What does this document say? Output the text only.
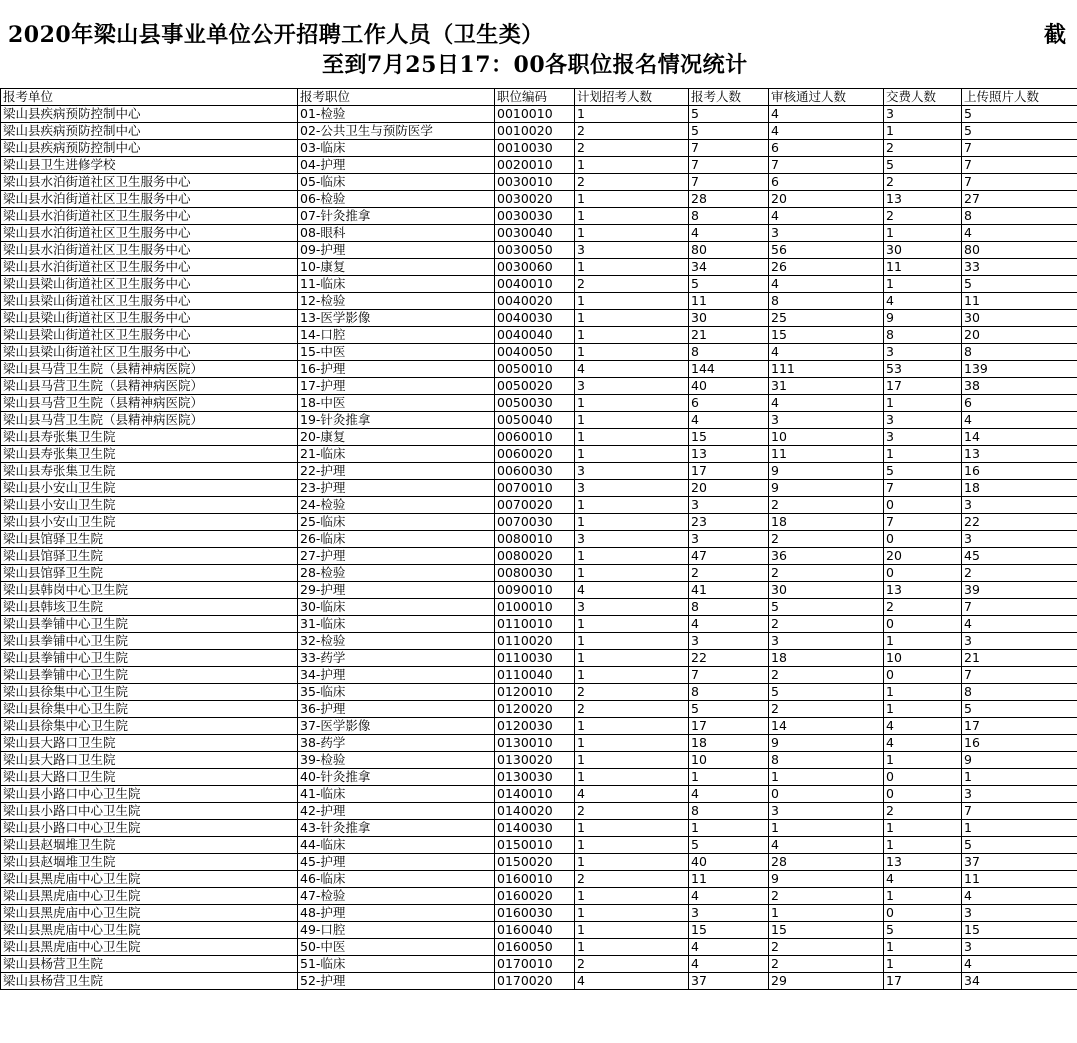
2020年梁山县事业单位公开招聘工作人员（卫生类）	截
至到7月25日17：00各职位报名情况统计
报考单位	报考职位	职位编码	计划招考人数	报考人数	审核通过人数	交费人数	上传照片人数
梁山县疾病预防控制中心	01-检验	0010010	1	5	4	3	5
梁山县疾病预防控制中心	02-公共卫生与预防医学	0010020	2	5	4	1	5
梁山县疾病预防控制中心	03-临床	0010030	2	7	6	2	7
梁山县卫生进修学校	04-护理	0020010	1	7	7	5	7
梁山县水泊街道社区卫生服务中心	05-临床	0030010	2	7	6	2	7
梁山县水泊街道社区卫生服务中心	06-检验	0030020	1	28	20	13	27
梁山县水泊街道社区卫生服务中心	07-针灸推拿	0030030	1	8	4	2	8
梁山县水泊街道社区卫生服务中心	08-眼科	0030040	1	4	3	1	4
梁山县水泊街道社区卫生服务中心	09-护理	0030050	3	80	56	30	80
梁山县水泊街道社区卫生服务中心	10-康复	0030060	1	34	26	11	33
梁山县梁山街道社区卫生服务中心	11-临床	0040010	2	5	4	1	5
梁山县梁山街道社区卫生服务中心	12-检验	0040020	1	11	8	4	11
梁山县梁山街道社区卫生服务中心	13-医学影像	0040030	1	30	25	9	30
梁山县梁山街道社区卫生服务中心	14-口腔	0040040	1	21	15	8	20
梁山县梁山街道社区卫生服务中心	15-中医	0040050	1	8	4	3	8
梁山县马营卫生院（县精神病医院）	16-护理	0050010	4	144	111	53	139
梁山县马营卫生院（县精神病医院）	17-护理	0050020	3	40	31	17	38
梁山县马营卫生院（县精神病医院）	18-中医	0050030	1	6	4	1	6
梁山县马营卫生院（县精神病医院）	19-针灸推拿	0050040	1	4	3	3	4
梁山县寿张集卫生院	20-康复	0060010	1	15	10	3	14
梁山县寿张集卫生院	21-临床	0060020	1	13	11	1	13
梁山县寿张集卫生院	22-护理	0060030	3	17	9	5	16
梁山县小安山卫生院	23-护理	0070010	3	20	9	7	18
梁山县小安山卫生院	24-检验	0070020	1	3	2	0	3
梁山县小安山卫生院	25-临床	0070030	1	23	18	7	22
梁山县馆驿卫生院	26-临床	0080010	3	3	2	0	3
梁山县馆驿卫生院	27-护理	0080020	1	47	36	20	45
梁山县馆驿卫生院	28-检验	0080030	1	2	2	0	2
梁山县韩岗中心卫生院	29-护理	0090010	4	41	30	13	39
梁山县韩垓卫生院	30-临床	0100010	3	8	5	2	7
梁山县拳铺中心卫生院	31-临床	0110010	1	4	2	0	4
梁山县拳铺中心卫生院	32-检验	0110020	1	3	3	1	3
梁山县拳铺中心卫生院	33-药学	0110030	1	22	18	10	21
梁山县拳铺中心卫生院	34-护理	0110040	1	7	2	0	7
梁山县徐集中心卫生院	35-临床	0120010	2	8	5	1	8
梁山县徐集中心卫生院	36-护理	0120020	2	5	2	1	5
梁山县徐集中心卫生院	37-医学影像	0120030	1	17	14	4	17
梁山县大路口卫生院	38-药学	0130010	1	18	9	4	16
梁山县大路口卫生院	39-检验	0130020	1	10	8	1	9
梁山县大路口卫生院	40-针灸推拿	0130030	1	1	1	0	1
梁山县小路口中心卫生院	41-临床	0140010	4	4	0	0	3
梁山县小路口中心卫生院	42-护理	0140020	2	8	3	2	7
梁山县小路口中心卫生院	43-针灸推拿	0140030	1	1	1	1	1
梁山县赵堌堆卫生院	44-临床	0150010	1	5	4	1	5
梁山县赵堌堆卫生院	45-护理	0150020	1	40	28	13	37
梁山县黑虎庙中心卫生院	46-临床	0160010	2	11	9	4	11
梁山县黑虎庙中心卫生院	47-检验	0160020	1	4	2	1	4
梁山县黑虎庙中心卫生院	48-护理	0160030	1	3	1	0	3
梁山县黑虎庙中心卫生院	49-口腔	0160040	1	15	15	5	15
梁山县黑虎庙中心卫生院	50-中医	0160050	1	4	2	1	3
梁山县杨营卫生院	51-临床	0170010	2	4	2	1	4
梁山县杨营卫生院	52-护理	0170020	4	37	29	17	34
